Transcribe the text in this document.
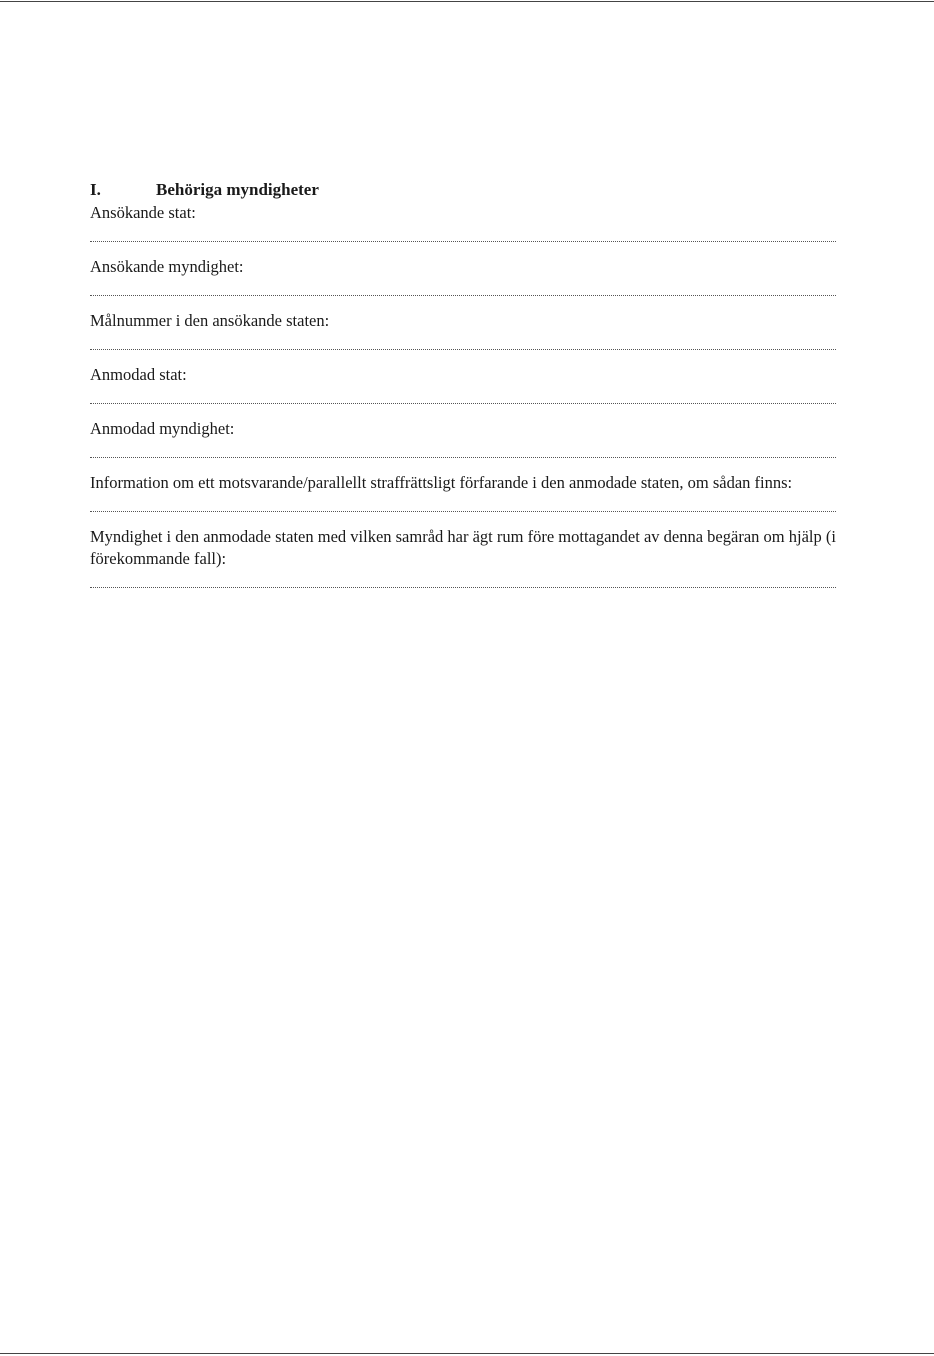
I.	Behöriga myndigheter

Ansökande stat:

Ansökande myndighet:

Målnummer i den ansökande staten:

Anmodad stat:

Anmodad myndighet:

Information om ett motsvarande/parallellt straffrättsligt förfarande i den anmodade staten, om sådan finns:

Myndighet i den anmodade staten med vilken samråd har ägt rum före mottagandet av denna begäran om hjälp (i förekommande fall):
